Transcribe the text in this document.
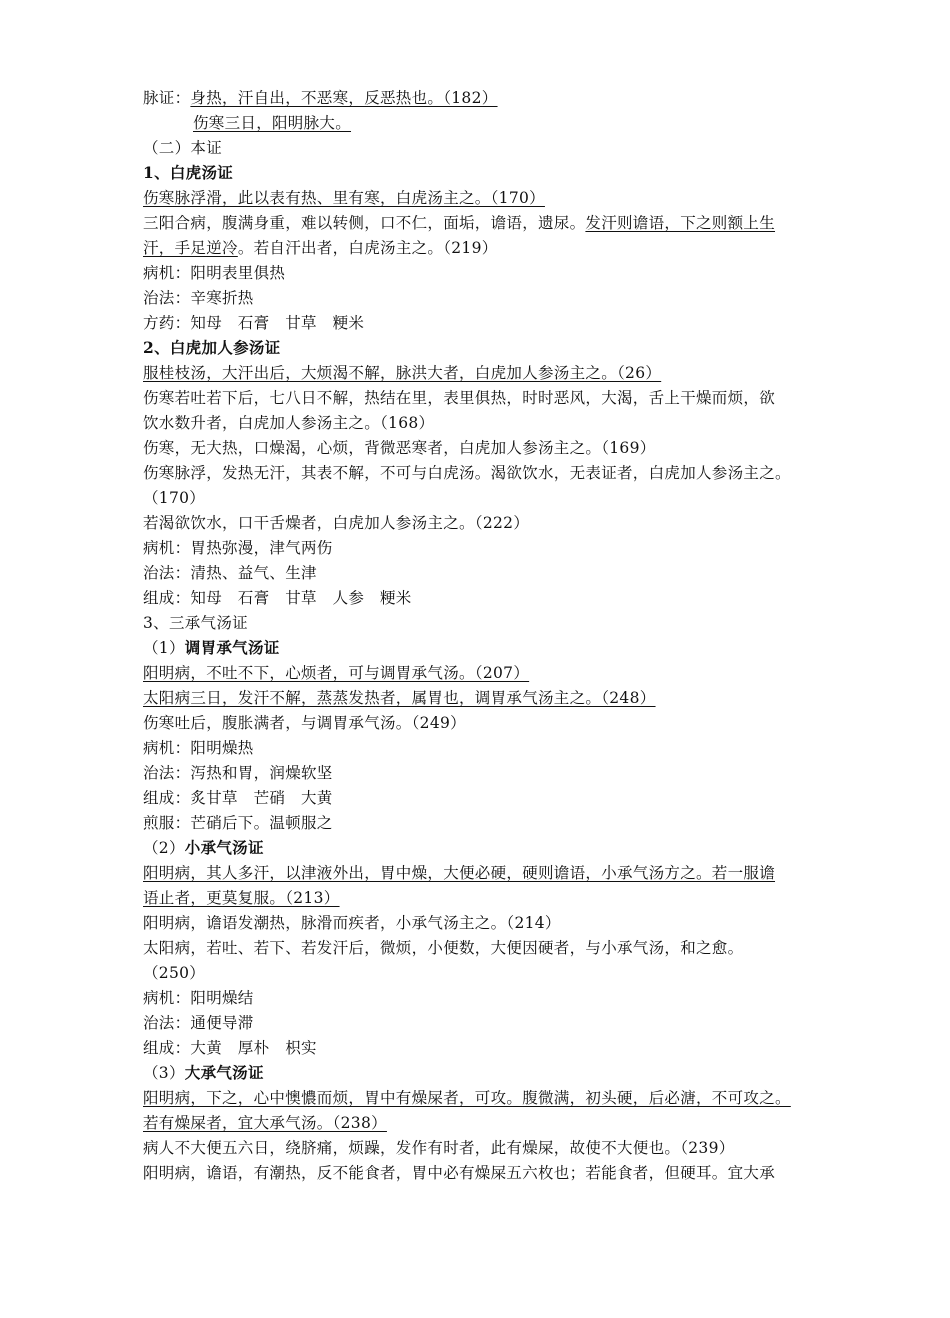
脉证：身热，汗自出，不恶寒，反恶热也。（182）
伤寒三日，阳明脉大。
（二）本证
1、白虎汤证
伤寒脉浮滑，此以表有热、里有寒，白虎汤主之。（170）
三阳合病，腹满身重，难以转侧，口不仁，面垢，谵语，遗尿。发汗则谵语，下之则额上生
汗，手足逆冷。若自汗出者，白虎汤主之。（219）
病机：阳明表里俱热
治法：辛寒折热
方药：知母　石膏　甘草　粳米
2、白虎加人参汤证
服桂枝汤，大汗出后，大烦渴不解，脉洪大者，白虎加人参汤主之。（26）
伤寒若吐若下后，七八日不解，热结在里，表里俱热，时时恶风，大渴，舌上干燥而烦，欲
饮水数升者，白虎加人参汤主之。（168）
伤寒，无大热，口燥渴，心烦，背微恶寒者，白虎加人参汤主之。（169）
伤寒脉浮，发热无汗，其表不解，不可与白虎汤。渴欲饮水，无表证者，白虎加人参汤主之。
（170）
若渴欲饮水，口干舌燥者，白虎加人参汤主之。（222）
病机：胃热弥漫，津气两伤
治法：清热、益气、生津
组成：知母　石膏　甘草　人参　粳米
3、三承气汤证
（1）调胃承气汤证
阳明病，不吐不下，心烦者，可与调胃承气汤。（207）
太阳病三日，发汗不解，蒸蒸发热者，属胃也，调胃承气汤主之。（248）
伤寒吐后，腹胀满者，与调胃承气汤。（249）
病机：阳明燥热
治法：泻热和胃，润燥软坚
组成：炙甘草　芒硝　大黄
煎服：芒硝后下。温顿服之
（2）小承气汤证
阳明病，其人多汗，以津液外出，胃中燥，大便必硬，硬则谵语，小承气汤方之。若一服谵
语止者，更莫复服。（213）
阳明病，谵语发潮热，脉滑而疾者，小承气汤主之。（214）
太阳病，若吐、若下、若发汗后，微烦，小便数，大便因硬者，与小承气汤，和之愈。
（250）
病机：阳明燥结
治法：通便导滞
组成：大黄　厚朴　枳实
（3）大承气汤证
阳明病，下之，心中懊憹而烦，胃中有燥屎者，可攻。腹微满，初头硬，后必溏，不可攻之。
若有燥屎者，宜大承气汤。（238）
病人不大便五六日，绕脐痛，烦躁，发作有时者，此有燥屎，故使不大便也。（239）
阳明病，谵语，有潮热，反不能食者，胃中必有燥屎五六枚也；若能食者，但硬耳。宜大承
